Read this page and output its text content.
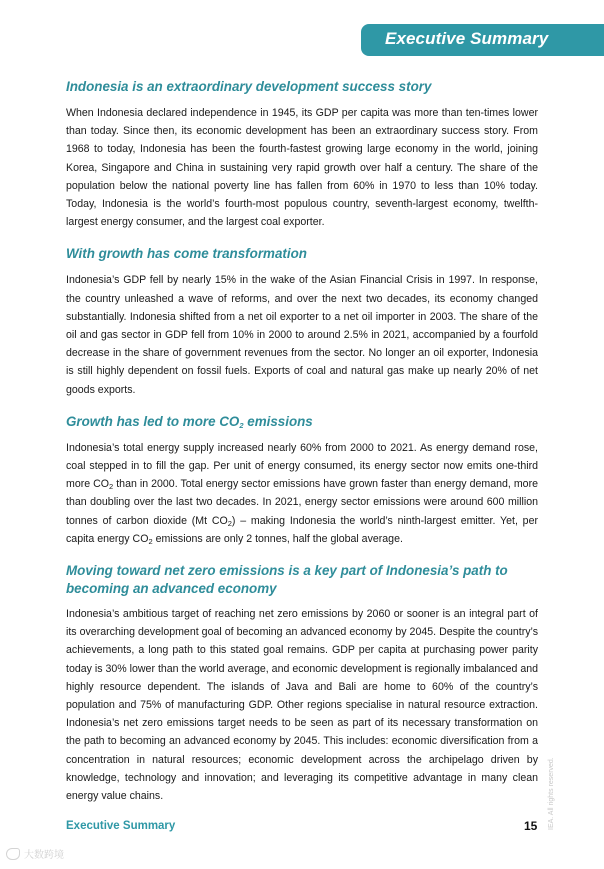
Executive Summary
Indonesia is an extraordinary development success story

When Indonesia declared independence in 1945, its GDP per capita was more than ten-times lower than today. Since then, its economic development has been an extraordinary success story. From 1968 to today, Indonesia has been the fourth-fastest growing large economy in the world, joining Korea, Singapore and China in sustaining very rapid growth over half a century. The share of the population below the national poverty line has fallen from 60% in 1970 to less than 10% today. Today, Indonesia is the world’s fourth-most populous country, seventh-largest economy, twelfth-largest energy consumer, and the largest coal exporter.

With growth has come transformation

Indonesia’s GDP fell by nearly 15% in the wake of the Asian Financial Crisis in 1997. In response, the country unleashed a wave of reforms, and over the next two decades, its economy changed substantially. Indonesia shifted from a net oil exporter to a net oil importer in 2003. The share of the oil and gas sector in GDP fell from 10% in 2000 to around 2.5% in 2021, accompanied by a fourfold decrease in the share of government revenues from the sector. No longer an oil exporter, Indonesia is still highly dependent on fossil fuels. Exports of coal and natural gas make up nearly 20% of net goods exports.

Growth has led to more $CO_2$ emissions

Indonesia’s total energy supply increased nearly 60% from 2000 to 2021. As energy demand rose, coal stepped in to fill the gap. Per unit of energy consumed, its energy sector now emits one-third more $CO_2$ than in 2000. Total energy sector emissions have grown faster than energy demand, more than doubling over the last two decades. In 2021, energy sector emissions were around 600 million tonnes of carbon dioxide (Mt $CO_2$) – making Indonesia the world’s ninth-largest emitter. Yet, per capita energy $CO_2$ emissions are only 2 tonnes, half the global average.

Moving toward net zero emissions is a key part of Indonesia’s path to becoming an advanced economy

Indonesia’s ambitious target of reaching net zero emissions by 2060 or sooner is an integral part of its overarching development goal of becoming an advanced economy by 2045. Despite the country’s achievements, a long path to this stated goal remains. GDP per capita at purchasing power parity today is 30% lower than the world average, and economic development is regionally imbalanced and highly resource dependent. The islands of Java and Bali are home to 60% of the country’s population and 75% of manufacturing GDP. Other regions specialise in natural resource extraction. Indonesia’s net zero emissions target needs to be seen as part of its necessary transformation on the path to becoming an advanced economy by 2045. This includes: economic diversification from a concentration in natural resources; economic development across the archipelago driven by knowledge, technology and innovation; and leveraging its competitive advantage in many clean energy value chains.

Executive Summary	15 IEA. All rights reserved.
大数跨境
